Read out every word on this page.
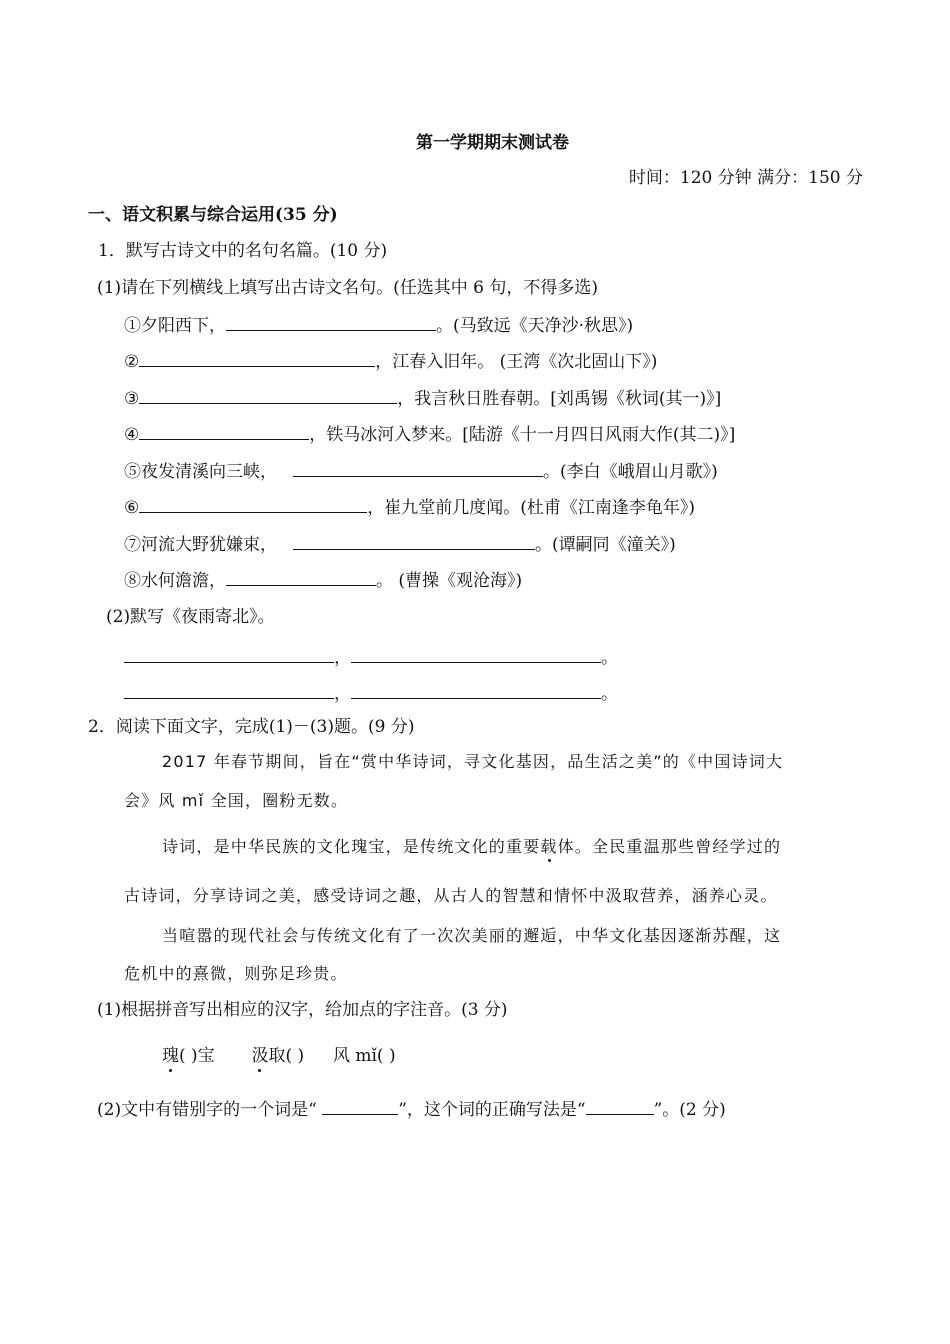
第一学期期末测试卷
时间：120 分钟 满分：150 分
一、语文积累与综合运用(35 分)
1．默写古诗文中的名句名篇。(10 分)
(1)请在下列横线上填写出古诗文名句。(任选其中 6 句，不得多选)
①夕阳西下，	。(马致远《天净沙·秋思》)
②	，江春入旧年。 (王湾《次北固山下》)
③	，我言秋日胜春朝。[刘禹锡《秋词(其一)》]
④	，铁马冰河入梦来。[陆游《十一月四日风雨大作(其二)》]
⑤夜发清溪向三峡，	。(李白《峨眉山月歌》)
⑥	，崔九堂前几度闻。(杜甫《江南逢李龟年》)
⑦河流大野犹嫌束，	。(谭嗣同《潼关》)
⑧水何澹澹，	。 (曹操《观沧海》)
(2)默写《夜雨寄北》。
，	。
，	。
2．阅读下面文字，完成(1)－(3)题。(9 分)
2017 年春节期间，旨在“赏中华诗词，寻文化基因，品生活之美”的《中国诗词大
会》风 mǐ 全国，圈粉无数。
诗词，是中华民族的文化瑰宝，是传统文化的重要载体。全民重温那些曾经学过的
古诗词，分享诗词之美，感受诗词之趣，从古人的智慧和情怀中汲取营养，涵养心灵。
当喧嚣的现代社会与传统文化有了一次次美丽的邂逅，中华文化基因逐渐苏醒，这
危机中的熹微，则弥足珍贵。
(1)根据拼音写出相应的汉字，给加点的字注音。(3 分)
瑰( )宝 汲取( ) 风 mǐ( )
(2)文中有错别字的一个词是“	”，这个词的正确写法是“	”。(2 分)
